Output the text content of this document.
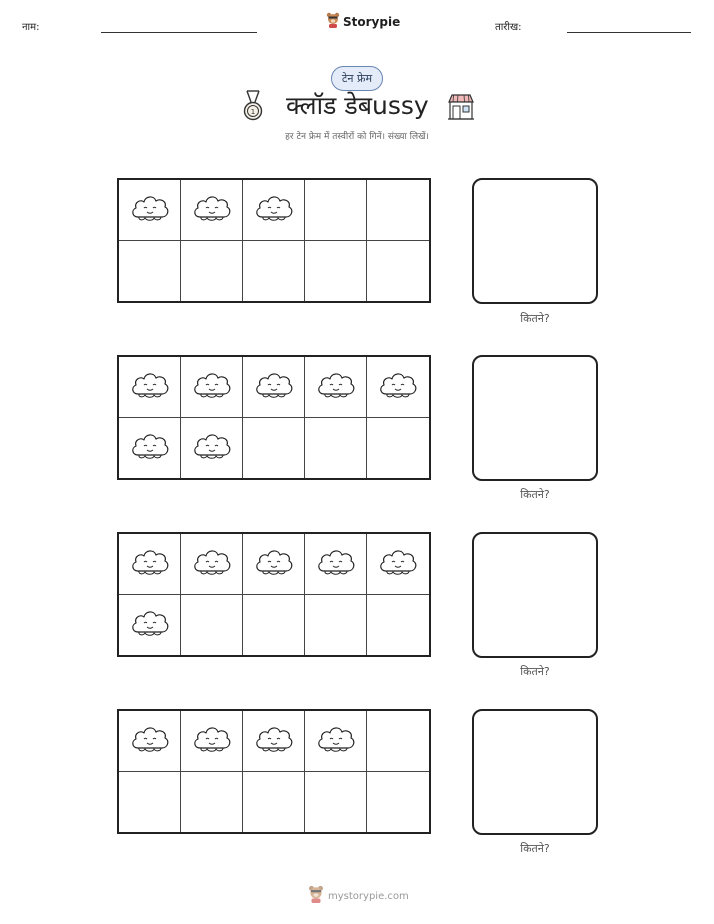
नाम:	Storypie	तारीख:
टेन फ्रेम
1 क्लॉड डेबussy
हर टेन फ्रेम में तस्वीरों को गिनें। संख्या लिखें।
कितने?
कितने?
कितने?
कितने?
mystorypie.com
